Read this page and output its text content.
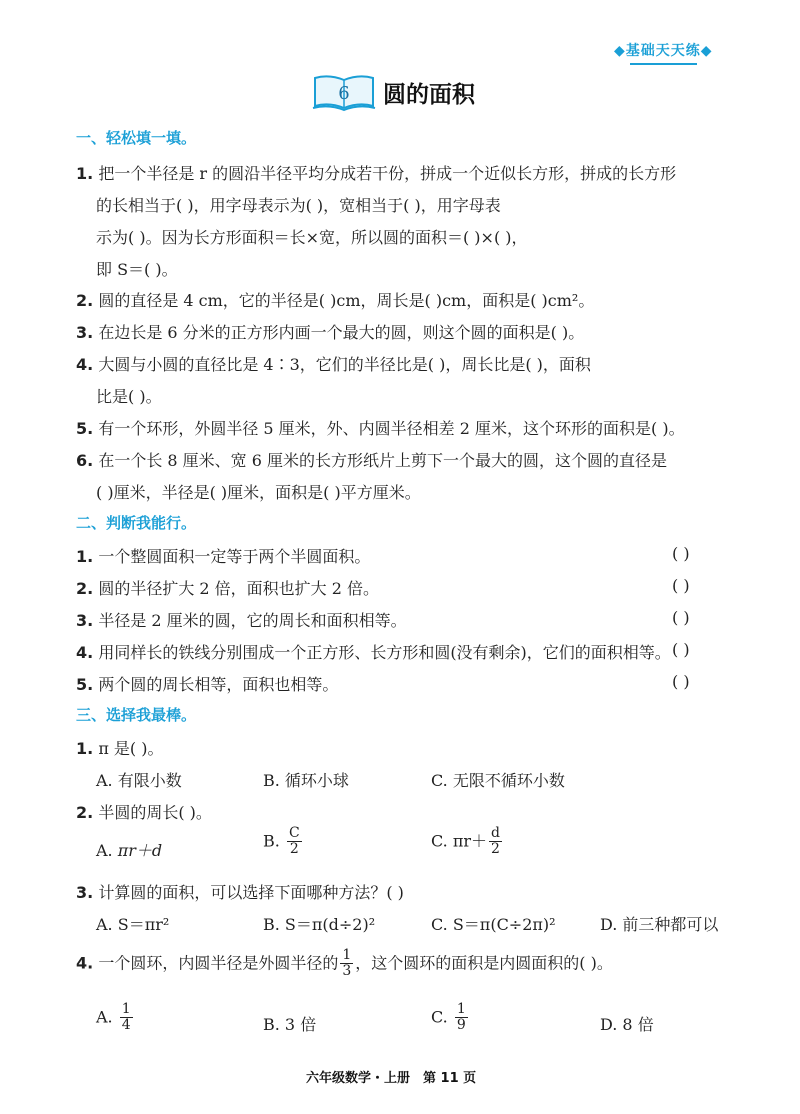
◆基础天天练◆
6 圆的面积
一、轻松填一填。
1. 把一个半径是 r 的圆沿半径平均分成若干份，拼成一个近似长方形，拼成的长方形
的长相当于( )，用字母表示为( )，宽相当于( )，用字母表
示为( )。因为长方形面积＝长×宽，所以圆的面积＝( )×( )，
即 S＝( )。
2. 圆的直径是 4 cm，它的半径是( )cm，周长是( )cm，面积是( )cm²。
3. 在边长是 6 分米的正方形内画一个最大的圆，则这个圆的面积是( )。
4. 大圆与小圆的直径比是 4∶3，它们的半径比是( )，周长比是( )，面积
比是( )。
5. 有一个环形，外圆半径 5 厘米，外、内圆半径相差 2 厘米，这个环形的面积是( )。
6. 在一个长 8 厘米、宽 6 厘米的长方形纸片上剪下一个最大的圆，这个圆的直径是
( )厘米，半径是( )厘米，面积是( )平方厘米。
二、判断我能行。
1. 一个整圆面积一定等于两个半圆面积。	( )
2. 圆的半径扩大 2 倍，面积也扩大 2 倍。	( )
3. 半径是 2 厘米的圆，它的周长和面积相等。	( )
4. 用同样长的铁线分别围成一个正方形、长方形和圆(没有剩余)，它们的面积相等。 ( )
5. 两个圆的周长相等，面积也相等。	( )
三、选择我最棒。
1. π 是( )。
A. 有限小数	B. 循环小球	C. 无限不循环小数
2. 半圆的周长( )。
A. πr＋d
B. $\frac{C}{2}$	C. $\pi r+ \frac{d}{2}$
3. 计算圆的面积，可以选择下面哪种方法？( )
A. S＝πr²	B. S＝π(d÷2)²	C. S＝π(C÷2π)²	D. 前三种都可以
4. 一个圆环，内圆半径是外圆半径的 $\frac{1}{3}$ ，这个圆环的面积是内圆面积的( )。
A. $\frac{1}{4}$	B. 3 倍	C. $\frac{1}{9}$	D. 8 倍
六年级数学・上册　第 11 页
